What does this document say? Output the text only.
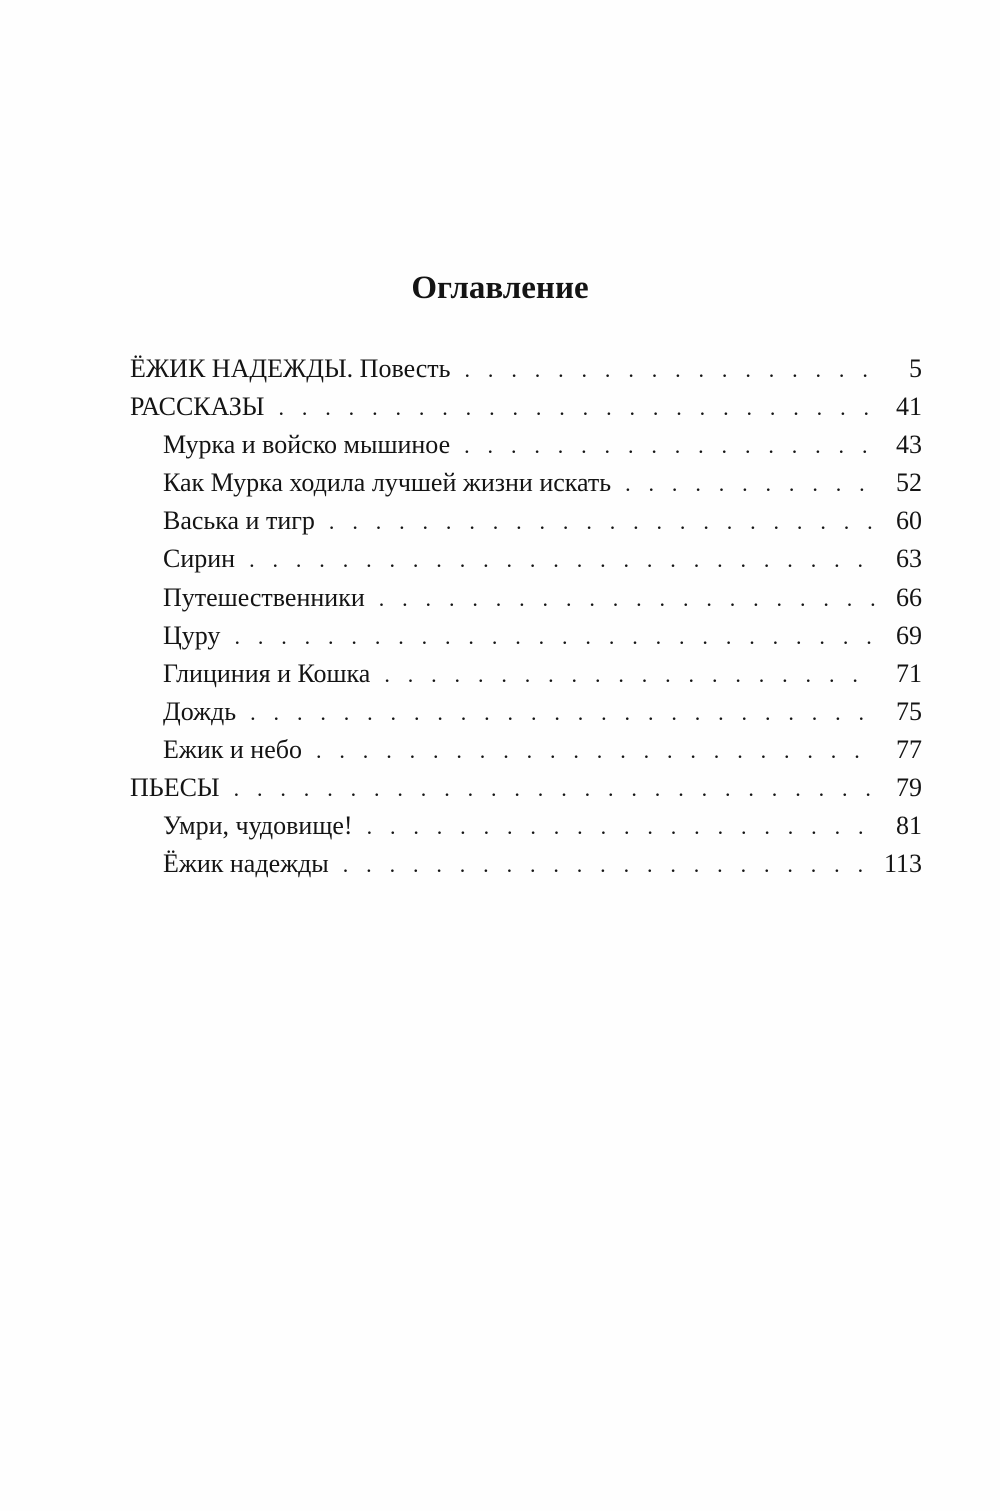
Оглавление
ЁЖИК НАДЕЖДЫ. Повесть . . .	5
РАССКАЗЫ . . .	41
Мурка и войско мышиное . . .	43
Как Мурка ходила лучшей жизни искать . . .	52
Васька и тигр . . .	60
Сирин . . .	63
Путешественники . . .	66
Цуру . . .	69
Глициния и Кошка . . .	71
Дождь . . .	75
Ежик и небо . . .	77
ПЬЕСЫ . . .	79
Умри, чудовище! . . .	81
Ёжик надежды . . .	113
